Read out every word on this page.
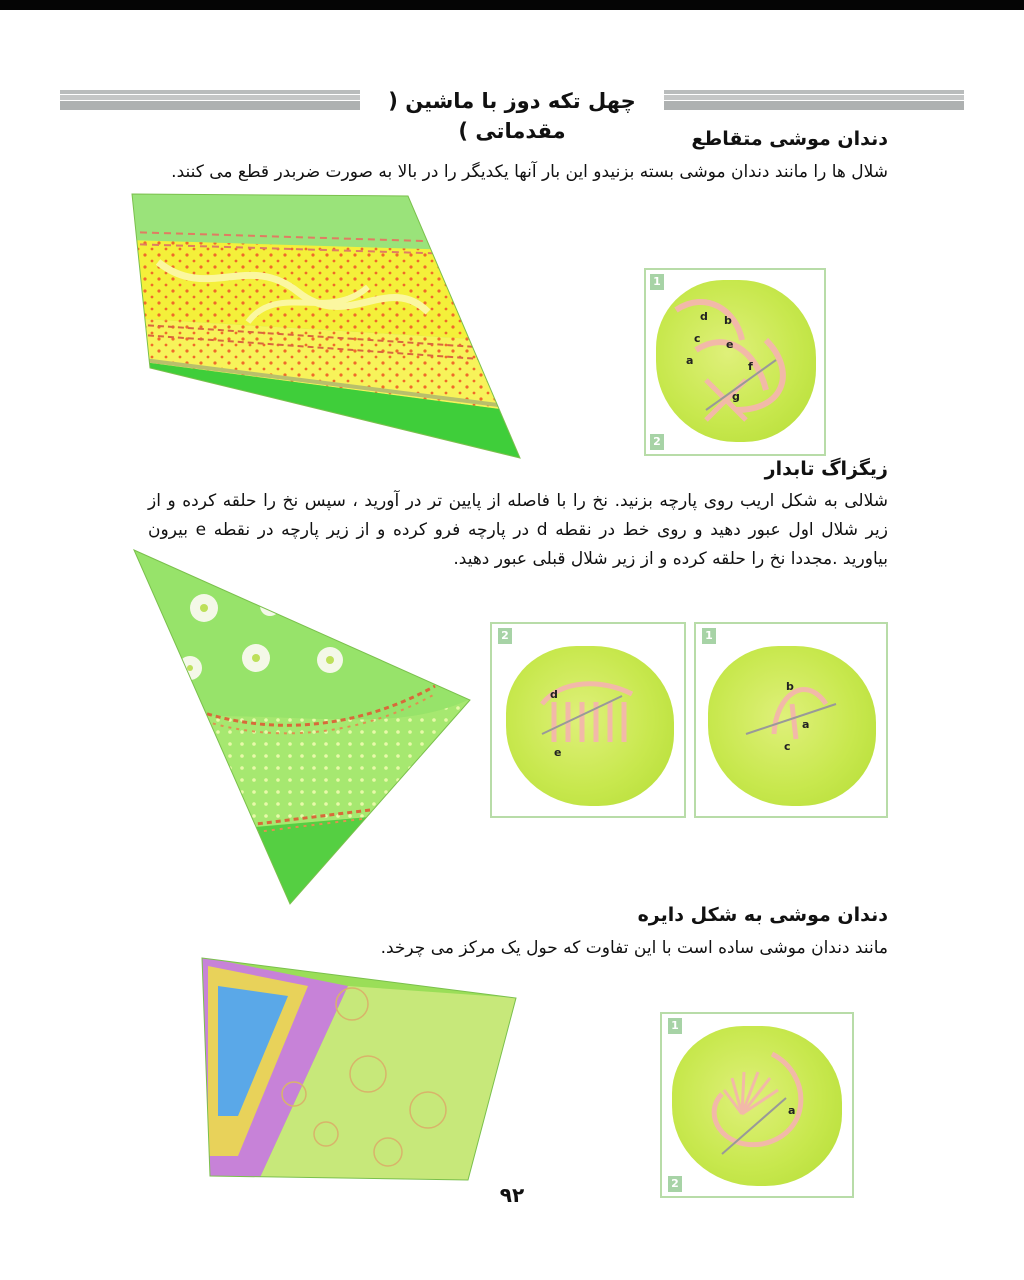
چهل تکه دوز با ماشین ( مقدماتی )	دندان موشی متقاطع
شلال ها را مانند دندان موشی بسته بزنیدو این بار آنها یکدیگر را در بالا به صورت ضربدر قطع می کنند.
1
2
d b
c e
a	f
g
زیگزاگ تابدار
شلالی به شکل اریب روی پارچه بزنید. نخ را با فاصله از پایین تر در آورید ، سپس نخ را حلقه کرده و از زیر شلال اول عبور دهید و روی خط در نقطه d در پارچه فرو کرده و از زیر پارچه در نقطه e بیرون بیاورید .مجددا نخ را حلقه کرده و از زیر شلال قبلی عبور دهید.
2
d
e
1
b
a
c
دندان موشی به شکل دایره
مانند دندان موشی ساده است با این تفاوت که حول یک مرکز می چرخد.
1
2
a
۹۲
